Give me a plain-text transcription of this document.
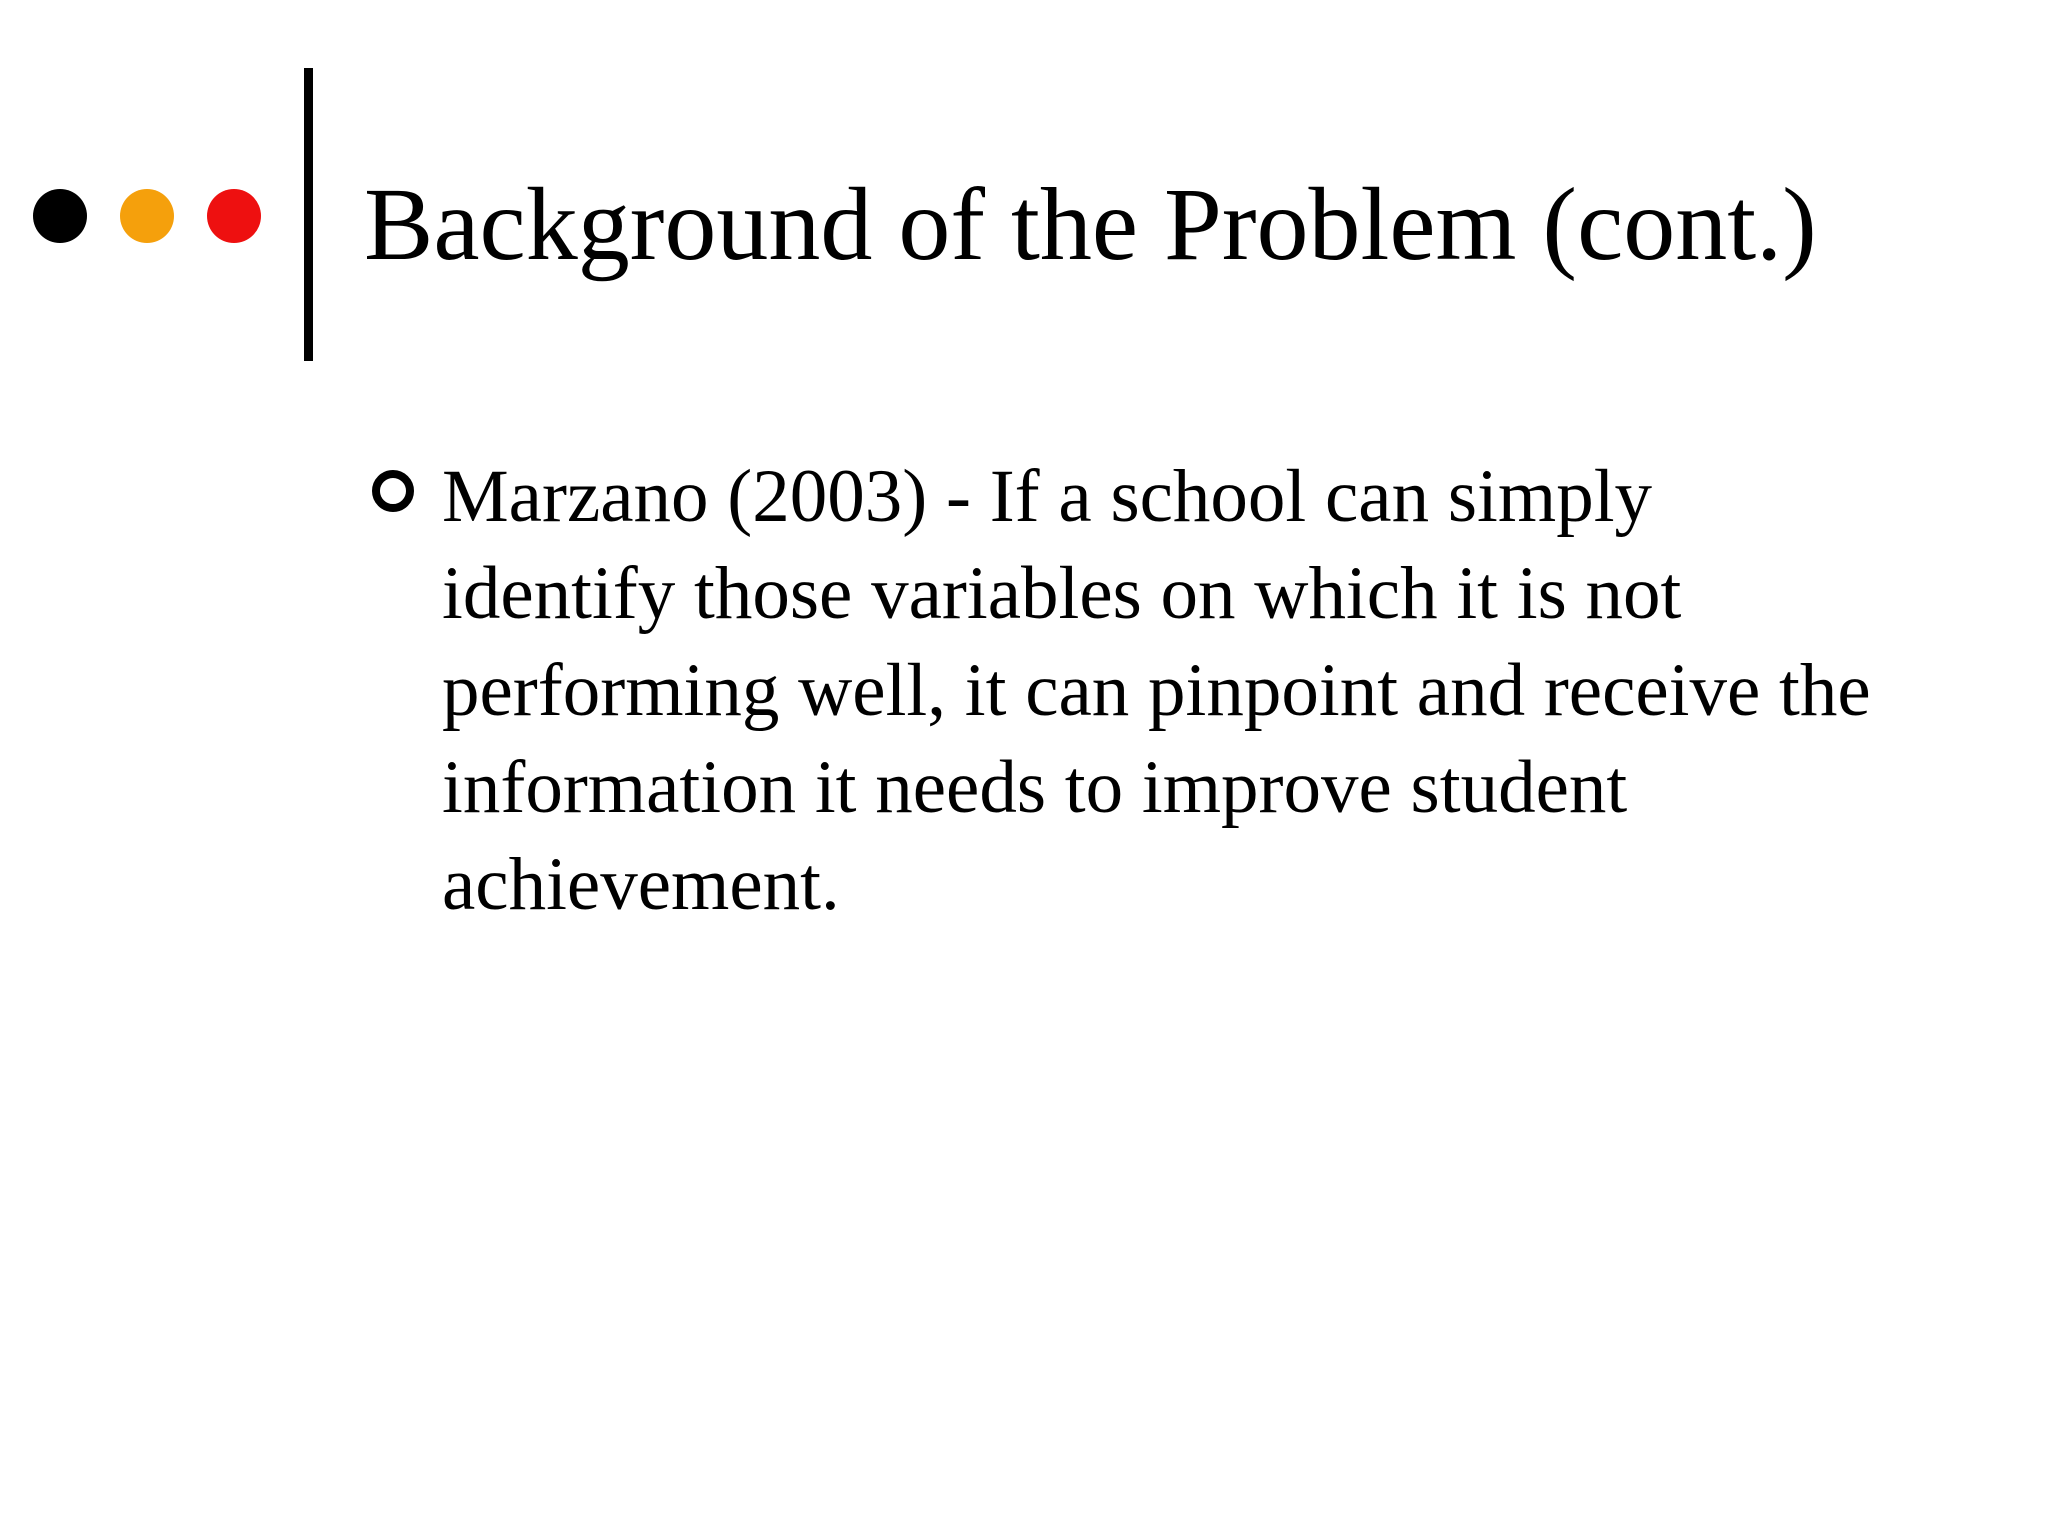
Background of the Problem (cont.)
Marzano (2003) - If a school can simply identify those variables on which it is not performing well, it can pinpoint and receive the information it needs to improve student achievement.
